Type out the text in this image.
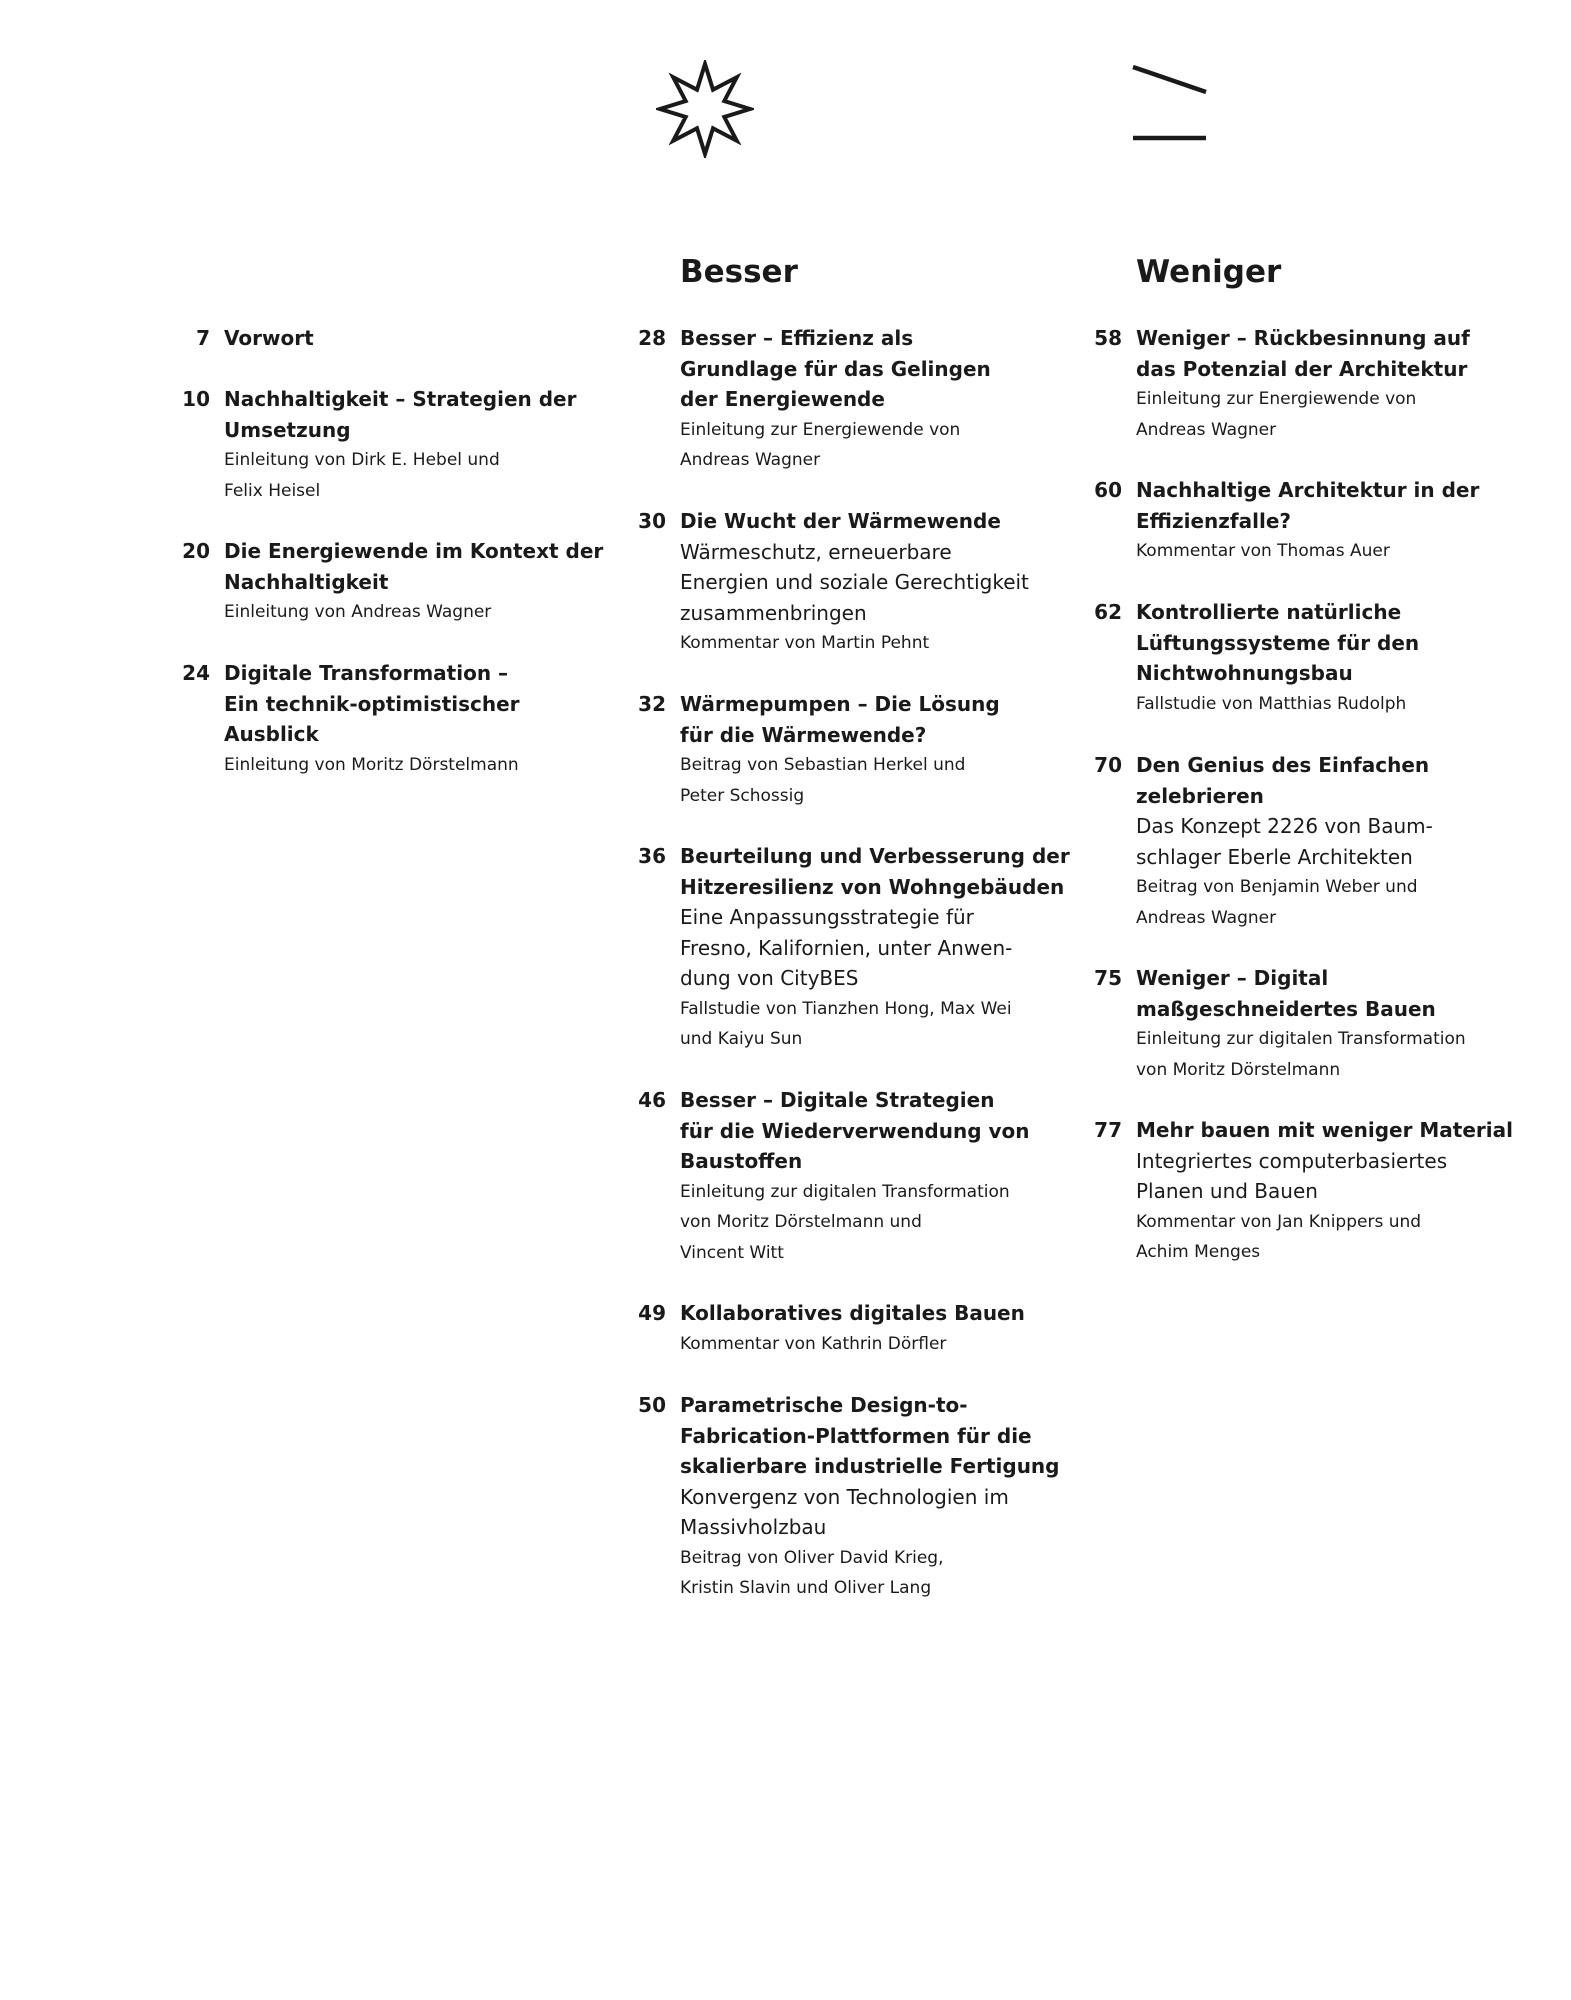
7 Vorwort
10 Nachhaltigkeit – Strategien der
Umsetzung
Einleitung von Dirk E. Hebel und
Felix Heisel
20 Die Energiewende im Kontext der
Nachhaltigkeit
Einleitung von Andreas Wagner
24 Digitale Transformation –
Ein technik-optimistischer
Ausblick
Einleitung von Moritz Dörstelmann
Besser
28 Besser – Effizienz als
Grundlage für das Gelingen
der Energiewende
Einleitung zur Energiewende von
Andreas Wagner
30 Die Wucht der Wärmewende
Wärmeschutz, erneuerbare
Energien und soziale Gerechtigkeit
zusammenbringen
Kommentar von Martin Pehnt
32 Wärmepumpen – Die Lösung
für die Wärmewende?
Beitrag von Sebastian Herkel und
Peter Schossig
36 Beurteilung und Verbesserung der
Hitzeresilienz von Wohngebäuden
Eine Anpassungsstrategie für
Fresno, Kalifornien, unter Anwen-
dung von CityBES
Fallstudie von Tianzhen Hong, Max Wei
und Kaiyu Sun
46 Besser – Digitale Strategien
für die Wiederverwendung von
Baustoffen
Einleitung zur digitalen Transformation
von Moritz Dörstelmann und
Vincent Witt
49 Kollaboratives digitales Bauen
Kommentar von Kathrin Dörfler
50 Parametrische Design-to-
Fabrication-Plattformen für die
skalierbare industrielle Fertigung
Konvergenz von Technologien im
Massivholzbau
Beitrag von Oliver David Krieg,
Kristin Slavin und Oliver Lang
Weniger
58 Weniger – Rückbesinnung auf
das Potenzial der Architektur
Einleitung zur Energiewende von
Andreas Wagner
60 Nachhaltige Architektur in der
Effizienzfalle?
Kommentar von Thomas Auer
62 Kontrollierte natürliche
Lüftungssysteme für den
Nichtwohnungsbau
Fallstudie von Matthias Rudolph
70 Den Genius des Einfachen
zelebrieren
Das Konzept 2226 von Baum-
schlager Eberle Architekten
Beitrag von Benjamin Weber und
Andreas Wagner
75 Weniger – Digital
maßgeschneidertes Bauen
Einleitung zur digitalen Transformation
von Moritz Dörstelmann
77 Mehr bauen mit weniger Material
Integriertes computerbasiertes
Planen und Bauen
Kommentar von Jan Knippers und
Achim Menges
